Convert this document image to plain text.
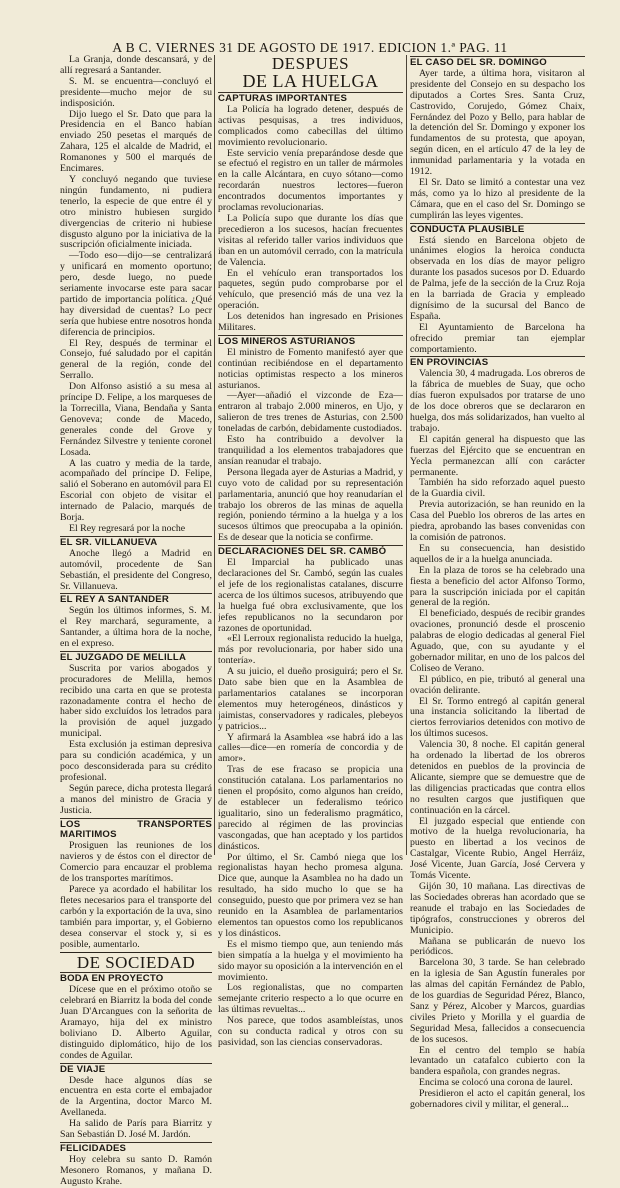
A B C. VIERNES 31 DE AGOSTO DE 1917. EDICION 1.ª PAG. 11
La Granja, donde descansará, y de allí regresará a Santander.
S. M. se encuentra—concluyó el presidente—mucho mejor de su indisposición.
Dijo luego el Sr. Dato que para la Presidencia en el Banco habían enviado 250 pesetas el marqués de Zahara, 125 el alcalde de Madrid, el Romanones y 500 el marqués de Encimares.
Y concluyó negando que tuviese ningún fundamento, ni pudiera tenerlo, la especie de que entre él y otro ministro hubiesen surgido divergencias de criterio ni hubiese disgusto alguno por la iniciativa de la suscripción oficialmente iniciada.
—Todo eso—dijo—se centralizará y unificará en momento oportuno; pero, desde luego, no puede seriamente invocarse este para sacar partido de importancia política. ¿Qué hay diversidad de cuentas? Lo pecr sería que hubiese entre nosotros honda diferencia de principios.
El Rey, después de terminar el Consejo, fué saludado por el capitán general de la región, conde del Serrallo.
Don Alfonso asistió a su mesa al príncipe D. Felipe, a los marqueses de la Torrecilla, Viana, Bendaña y Santa Genoveva; conde de Macedo, generales conde del Grove y Fernández Silvestre y teniente coronel Losada.
A las cuatro y media de la tarde, acompañado del príncipe D. Felipe, salió el Soberano en automóvil para El Escorial con objeto de visitar el internado de Palacio, marqués de Borja.
El Rey regresará por la noche
EL SR. VILLANUEVA
Anoche llegó a Madrid en automóvil, procedente de San Sebastián, el presidente del Congreso, Sr. Villanueva.
EL REY A SANTANDER
Según los últimos informes, S. M. el Rey marchará, seguramente, a Santander, a última hora de la noche, en el expreso.
EL JUZGADO DE MELILLA
Suscrita por varios abogados y procuradores de Melilla, hemos recibido una carta en que se protesta razonadamente contra el hecho de haber sido excluídos los letrados para la provisión de aquel juzgado municipal.
Esta exclusión ja estiman depresiva para su condición académica, y un poco desconsiderada para su crédito profesional.
Según parece, dicha protesta llegará a manos del ministro de Gracia y Justicia.
LOS TRANSPORTES MARITIMOS
Prosiguen las reuniones de los navieros y de éstos con el director de Comercio para encauzar el problema de los transportes marítimos.
Parece ya acordado el habilitar los fletes necesarios para el transporte del carbón y la exportación de la uva, sino también para importar, y, el Gobierno desea conservar el stock y, si es posible, aumentarlo.
DE SOCIEDAD
BODA EN PROYECTO
Dícese que en el próximo otoño se celebrará en Biarritz la boda del conde Juan D'Arcangues con la señorita de Aramayo, hija del ex ministro boliviano D. Alberto Aguilar, distinguido diplomático, hijo de los condes de Aguilar.
DE VIAJE
Desde hace algunos días se encuentra en esta corte el embajador de la Argentina, doctor Marco M. Avellaneda.
Ha salido de París para Biarritz y San Sebastián D. José M. Jardón.
FELICIDADES
Hoy celebra su santo D. Ramón Mesonero Romanos, y mañana D. Augusto Krahe.
DESPUES
DE LA HUELGA
CAPTURAS IMPORTANTES
La Policía ha logrado detener, después de activas pesquisas, a tres individuos, complicados como cabecillas del último movimiento revolucionario.
Este servicio venía preparándose desde que se efectuó el registro en un taller de mármoles en la calle Alcántara, en cuyo sótano—como recordarán nuestros lectores—fueron encontrados documentos importantes y proclamas revolucionarias.
La Policía supo que durante los días que precedieron a los sucesos, hacían frecuentes visitas al referido taller varios individuos que iban en un automóvil cerrado, con la matrícula de Valencia.
En el vehículo eran transportados los paquetes, según pudo comprobarse por el vehículo, que presenció más de una vez la operación.
Los detenidos han ingresado en Prisiones Militares.
LOS MINEROS ASTURIANOS
El ministro de Fomento manifestó ayer que continúan recibiéndose en el departamento noticias optimistas respecto a los mineros asturianos.
—Ayer—añadió el vizconde de Eza—entraron al trabajo 2.000 mineros, en Ujo, y salieron de tres trenes de Asturias, con 2.500 toneladas de carbón, debidamente custodiados.
Esto ha contribuido a devolver la tranquilidad a los elementos trabajadores que ansían reanudar el trabajo.
Persona llegada ayer de Asturias a Madrid, y cuyo voto de calidad por su representación parlamentaria, anunció que hoy reanudarían el trabajo los obreros de las minas de aquella región, poniendo término a la huelga y a los sucesos últimos que preocupaba a la opinión. Es de desear que la noticia se confirme.
DECLARACIONES DEL SR. CAMBÓ
El Imparcial ha publicado unas declaraciones del Sr. Cambó, según las cuales el jefe de los regionalistas catalanes, discurre acerca de los últimos sucesos, atribuyendo que la huelga fué obra exclusivamente, que los jefes republicanos no la secundaron por razones de oportunidad.
«El Lerroux regionalista reducido la huelga, más por revolucionaria, por haber sido una tontería».
A su juicio, el dueño prosiguirá; pero el Sr. Dato sabe bien que en la Asamblea de parlamentarios catalanes se incorporan elementos muy heterogéneos, dinásticos y jaimistas, conservadores y radicales, plebeyos y patricios...
Y afirmará la Asamblea «se habrá ido a las calles—dice—en romería de concordia y de amor».
Tras de ese fracaso se propicia una constitución catalana. Los parlamentarios no tienen el propósito, como algunos han creído, de establecer un federalismo teórico igualitario, sino un federalismo pragmático, parecido al régimen de las provincias vascongadas, que han aceptado y los partidos dinásticos.
Por último, el Sr. Cambó niega que los regionalistas hayan hecho promesa alguna. Dice que, aunque la Asamblea no ha dado un resultado, ha sido mucho lo que se ha conseguido, puesto que por primera vez se han reunido en la Asamblea de parlamentarios elementos tan opuestos como los republicanos y los dinásticos.
Es el mismo tiempo que, aun teniendo más bien simpatía a la huelga y el movimiento ha sido mayor su oposición a la intervención en el movimiento.
Los regionalistas, que no comparten semejante criterio respecto a lo que ocurre en las últimas revueltas...
Nos parece, que todos asambleístas, unos con su conducta radical y otros con su pasividad, son las ciencias conservadoras.
EL CASO DEL SR. DOMINGO
Ayer tarde, a última hora, visitaron al presidente del Consejo en su despacho los diputados a Cortes Sres. Santa Cruz, Castrovido, Corujedo, Gómez Chaix, Fernández del Pozo y Bello, para hablar de la detención del Sr. Domingo y exponer los fundamentos de su protesta, que apoyan, según dicen, en el artículo 47 de la ley de inmunidad parlamentaria y la votada en 1912.
El Sr. Dato se limitó a contestar una vez más, como ya lo hizo al presidente de la Cámara, que en el caso del Sr. Domingo se cumplirán las leyes vigentes.
CONDUCTA PLAUSIBLE
Está siendo en Barcelona objeto de unánimes elogios la heroica conducta observada en los días de mayor peligro durante los pasados sucesos por D. Eduardo de Palma, jefe de la sección de la Cruz Roja en la barriada de Gracia y empleado dignísimo de la sucursal del Banco de España.
El Ayuntamiento de Barcelona ha ofrecido premiar tan ejemplar comportamiento.
EN PROVINCIAS
Valencia 30, 4 madrugada. Los obreros de la fábrica de muebles de Suay, que ocho días fueron expulsados por tratarse de uno de los doce obreros que se declararon en huelga, dos más solidarizados, han vuelto al trabajo.
El capitán general ha dispuesto que las fuerzas del Ejército que se encuentran en Yecla permanezcan allí con carácter permanente.
También ha sido reforzado aquel puesto de la Guardia civil.
Previa autorización, se han reunido en la Casa del Pueblo los obreros de las artes en piedra, aprobando las bases convenidas con la comisión de patronos.
En su consecuencia, han desistido aquellos de ir a la huelga anunciada.
En la plaza de toros se ha celebrado una fiesta a beneficio del actor Alfonso Tormo, para la suscripción iniciada por el capitán general de la región.
El beneficiado, después de recibir grandes ovaciones, pronunció desde el proscenio palabras de elogio dedicadas al general Fiel Aguado, que, con su ayudante y el gobernador militar, en uno de los palcos del Coliseo de Verano.
El público, en pie, tributó al general una ovación delirante.
El Sr. Tormo entregó al capitán general una instancia solicitando la libertad de ciertos ferroviarios detenidos con motivo de los últimos sucesos.
Valencia 30, 8 noche. El capitán general ha ordenado la libertad de los obreros detenidos en pueblos de la provincia de Alicante, siempre que se demuestre que de las diligencias practicadas que contra ellos no resulten cargos que justifiquen que continuación en la cárcel.
El juzgado especial que entiende con motivo de la huelga revolucionaria, ha puesto en libertad a los vecinos de Castalgar, Vicente Rubio, Angel Herráiz, José Vicente, Juan García, José Cervera y Tomás Vicente.
Gijón 30, 10 mañana. Las directivas de las Sociedades obreras han acordado que se reanude el trabajo en las Sociedades de tipógrafos, construcciones y obreros del Municipio.
Mañana se publicarán de nuevo los periódicos.
Barcelona 30, 3 tarde. Se han celebrado en la iglesia de San Agustín funerales por las almas del capitán Fernández de Pablo, de los guardias de Seguridad Pérez, Blanco, Sanz y Pérez, Alcober y Marcos, guardias civiles Prieto y Morilla y el guardia de Seguridad Mesa, fallecidos a consecuencia de los sucesos.
En el centro del templo se había levantado un catafalco cubierto con la bandera española, con grandes negras.
Encima se colocó una corona de laurel.
Presidieron el acto el capitán general, los gobernadores civil y militar, el general...
